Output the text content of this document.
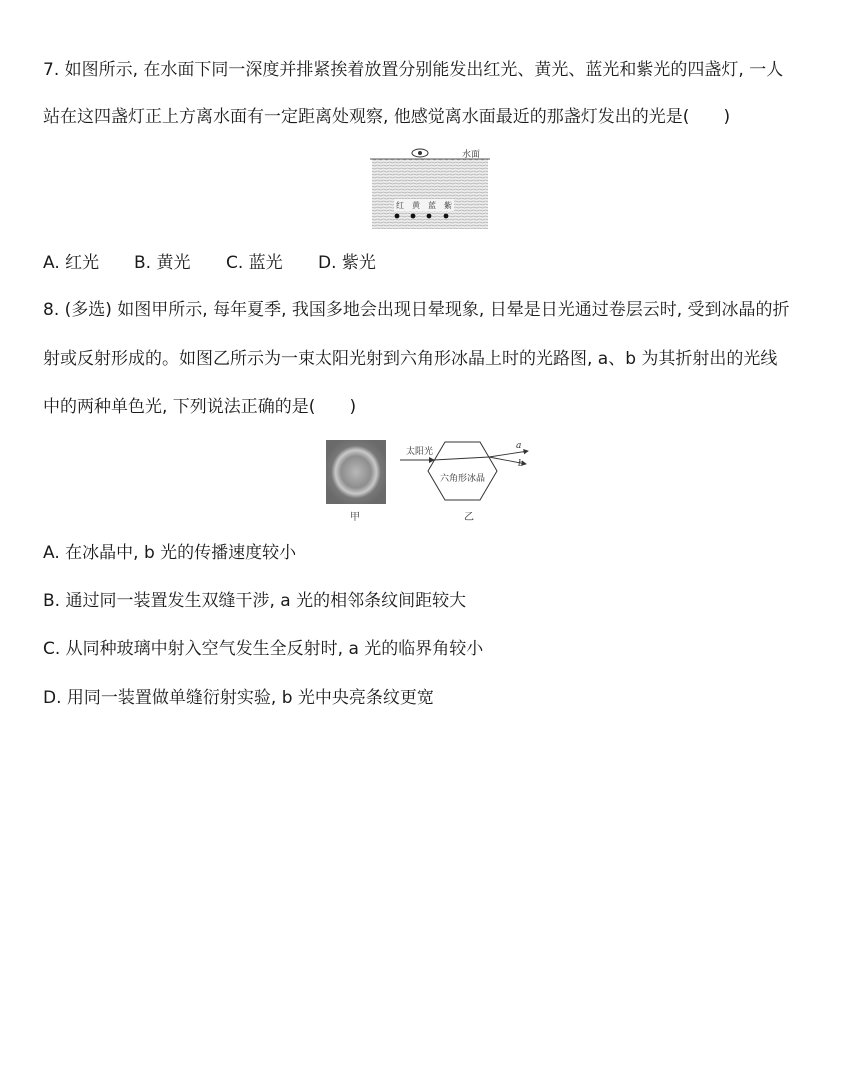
7. 如图所示, 在水面下同一深度并排紧挨着放置分别能发出红光、黄光、蓝光和紫光的四盏灯, 一人
站在这四盏灯正上方离水面有一定距离处观察, 他感觉离水面最近的那盏灯发出的光是(　　)
水面
红 黄 蓝 紫
A. 红光 B. 黄光 C. 蓝光 D. 紫光
8. (多选) 如图甲所示, 每年夏季, 我国多地会出现日晕现象, 日晕是日光通过卷层云时, 受到冰晶的折
射或反射形成的。如图乙所示为一束太阳光射到六角形冰晶上时的光路图, a、b 为其折射出的光线
中的两种单色光, 下列说法正确的是(　　)
甲
六角形冰晶
太阳光
a
b
乙
A. 在冰晶中, b 光的传播速度较小
B. 通过同一装置发生双缝干涉, a 光的相邻条纹间距较大
C. 从同种玻璃中射入空气发生全反射时, a 光的临界角较小
D. 用同一装置做单缝衍射实验, b 光中央亮条纹更宽
